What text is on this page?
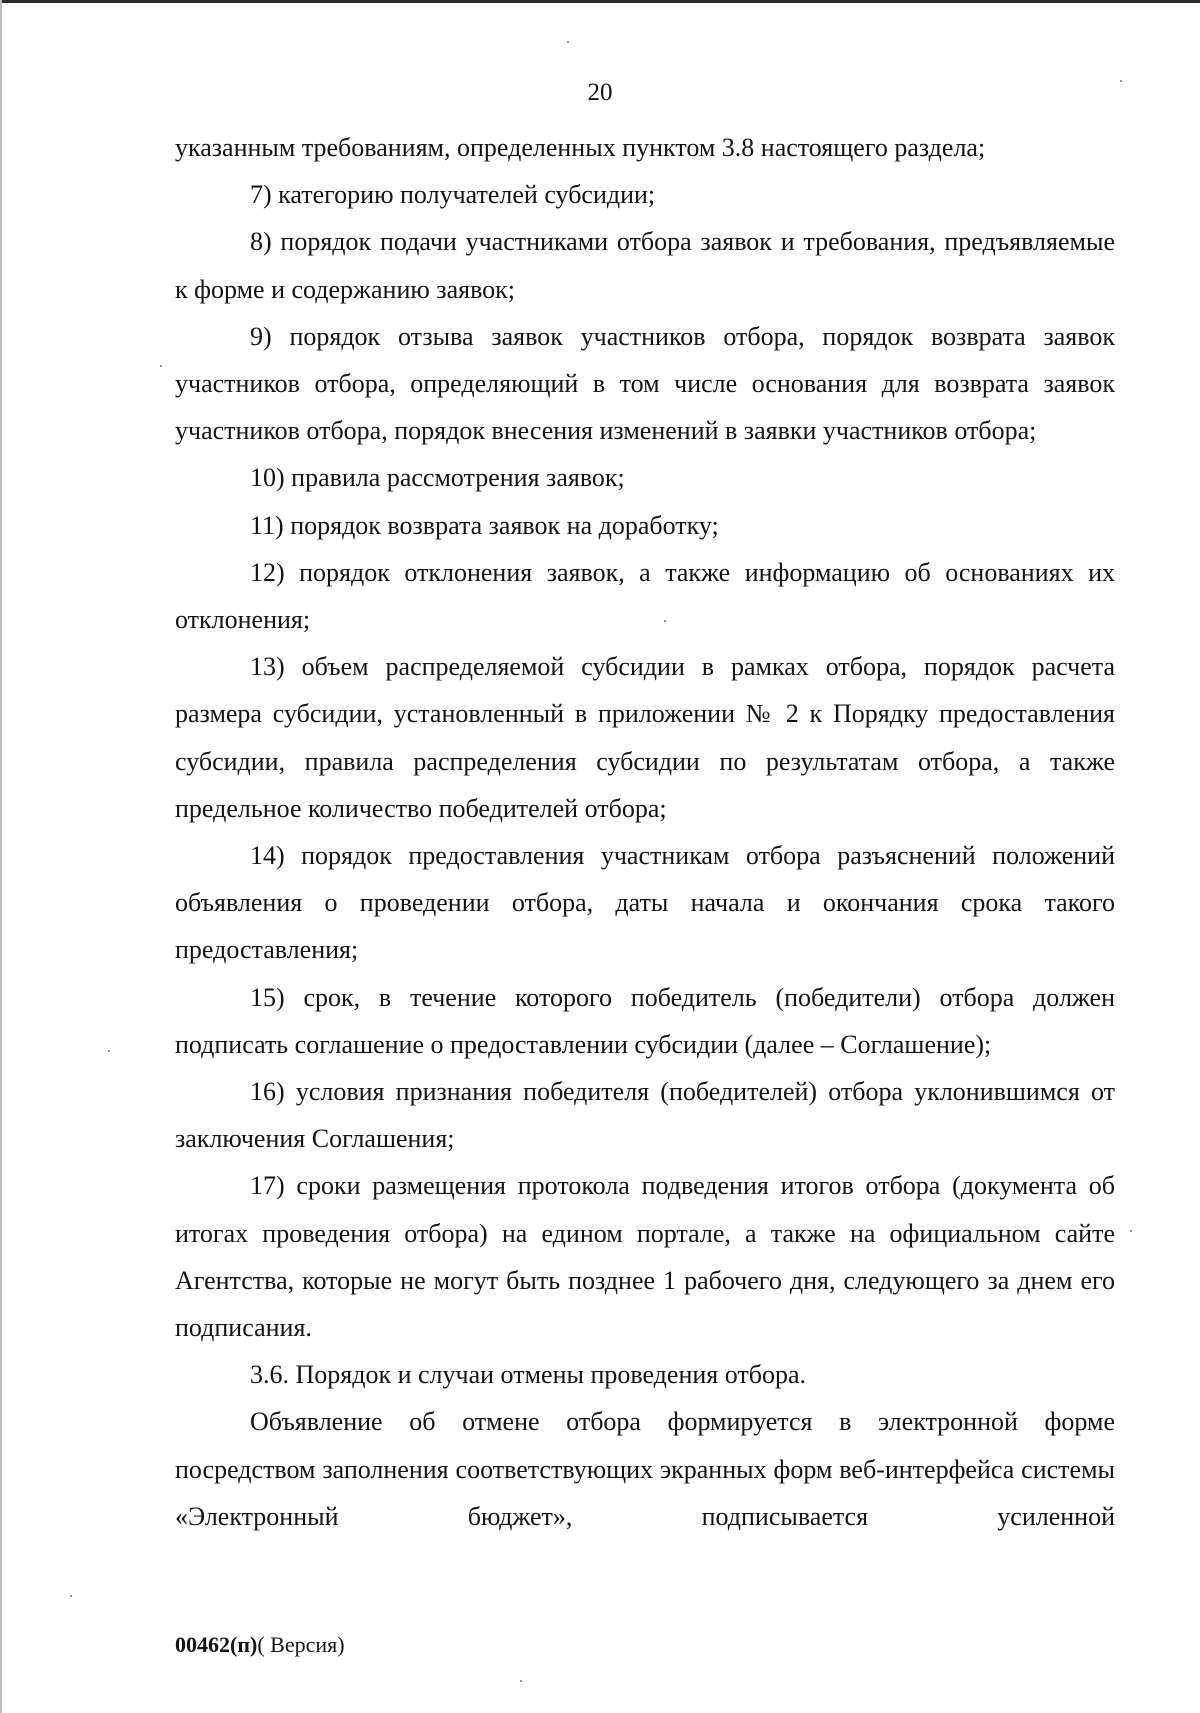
20

указанным требованиям, определенных пунктом 3.8 настоящего раздела;

7) категорию получателей субсидии;

8) порядок подачи участниками отбора заявок и требования, предъявляемые к форме и содержанию заявок;

9) порядок отзыва заявок участников отбора, порядок возврата заявок участников отбора, определяющий в том числе основания для возврата заявок участников отбора, порядок внесения изменений в заявки участников отбора;

10) правила рассмотрения заявок;

11) порядок возврата заявок на доработку;

12) порядок отклонения заявок, а также информацию об основаниях их отклонения;

13) объем распределяемой субсидии в рамках отбора, порядок расчета размера субсидии, установленный в приложении № 2 к Порядку предоставления субсидии, правила распределения субсидии по результатам отбора, а также предельное количество победителей отбора;

14) порядок предоставления участникам отбора разъяснений положений объявления о проведении отбора, даты начала и окончания срока такого предоставления;

15) срок, в течение которого победитель (победители) отбора должен подписать соглашение о предоставлении субсидии (далее – Соглашение);

16) условия признания победителя (победителей) отбора уклонившимся от заключения Соглашения;

17) сроки размещения протокола подведения итогов отбора (документа об итогах проведения отбора) на едином портале, а также на официальном сайте Агентства, которые не могут быть позднее 1 рабочего дня, следующего за днем его подписания.

3.6. Порядок и случаи отмены проведения отбора.

Объявление об отмене отбора формируется в электронной форме посредством заполнения соответствующих экранных форм веб-интерфейса системы «Электронный бюджет», подписывается усиленной

00462(п)( Версия)
